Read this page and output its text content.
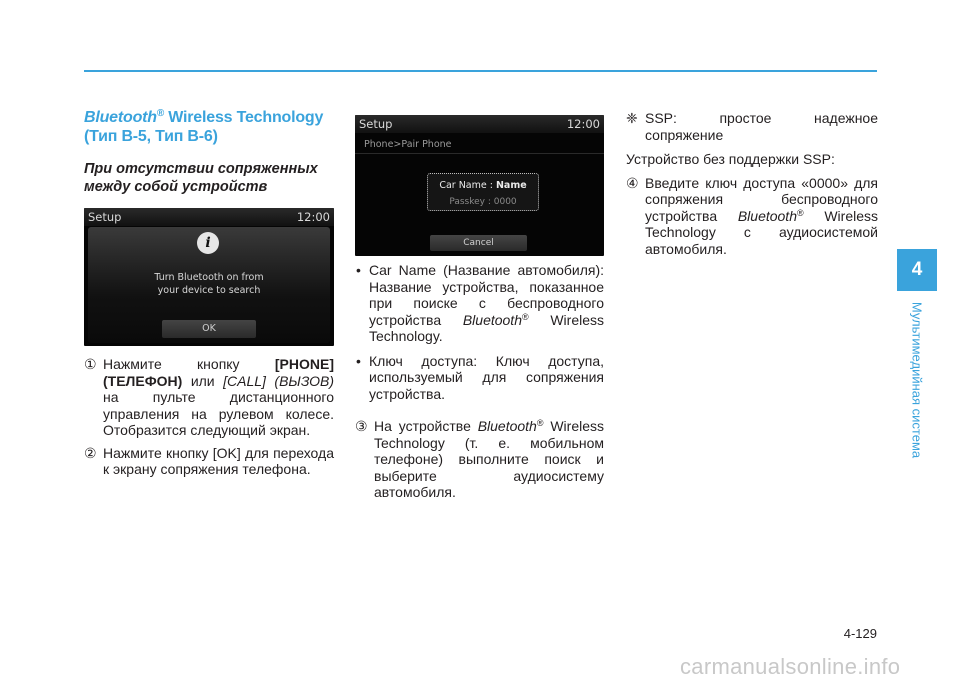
Bluetooth® Wireless Technology
(Тип В-5, Тип В-6)
При отсутствии сопряженных между собой устройств
Setup	12:00
i
Turn Bluetooth on from
your device to search
OK
① Нажмите кнопку [PHONE] (ТЕЛЕФОН) или [CALL] (ВЫЗОВ) на пульте дистанционного управления на рулевом колесе. Отобразится следующий экран.
② Нажмите кнопку [OK] для перехода к экрану сопряжения телефона.
Setup	12:00
Phone>Pair Phone
Car Name : Name
Passkey : 0000
Cancel
• Car Name (Название автомобиля): Название устройства, показанное при поиске с беспроводного устройства Bluetooth® Wireless Technology.
• Ключ доступа: Ключ доступа, используемый для сопряжения устройства.
③ На устройстве Bluetooth® Wireless Technology (т. е. мобильном телефоне) выполните поиск и выберите аудиосистему автомобиля.
❈ SSP: простое надежное сопряжение
Устройство без поддержки SSP:
④ Введите ключ доступа «0000» для сопряжения беспроводного устройства Bluetooth® Wireless Technology с аудиосистемой автомобиля.
4
Мультимедийная система
4-129
carmanualsonline.info
